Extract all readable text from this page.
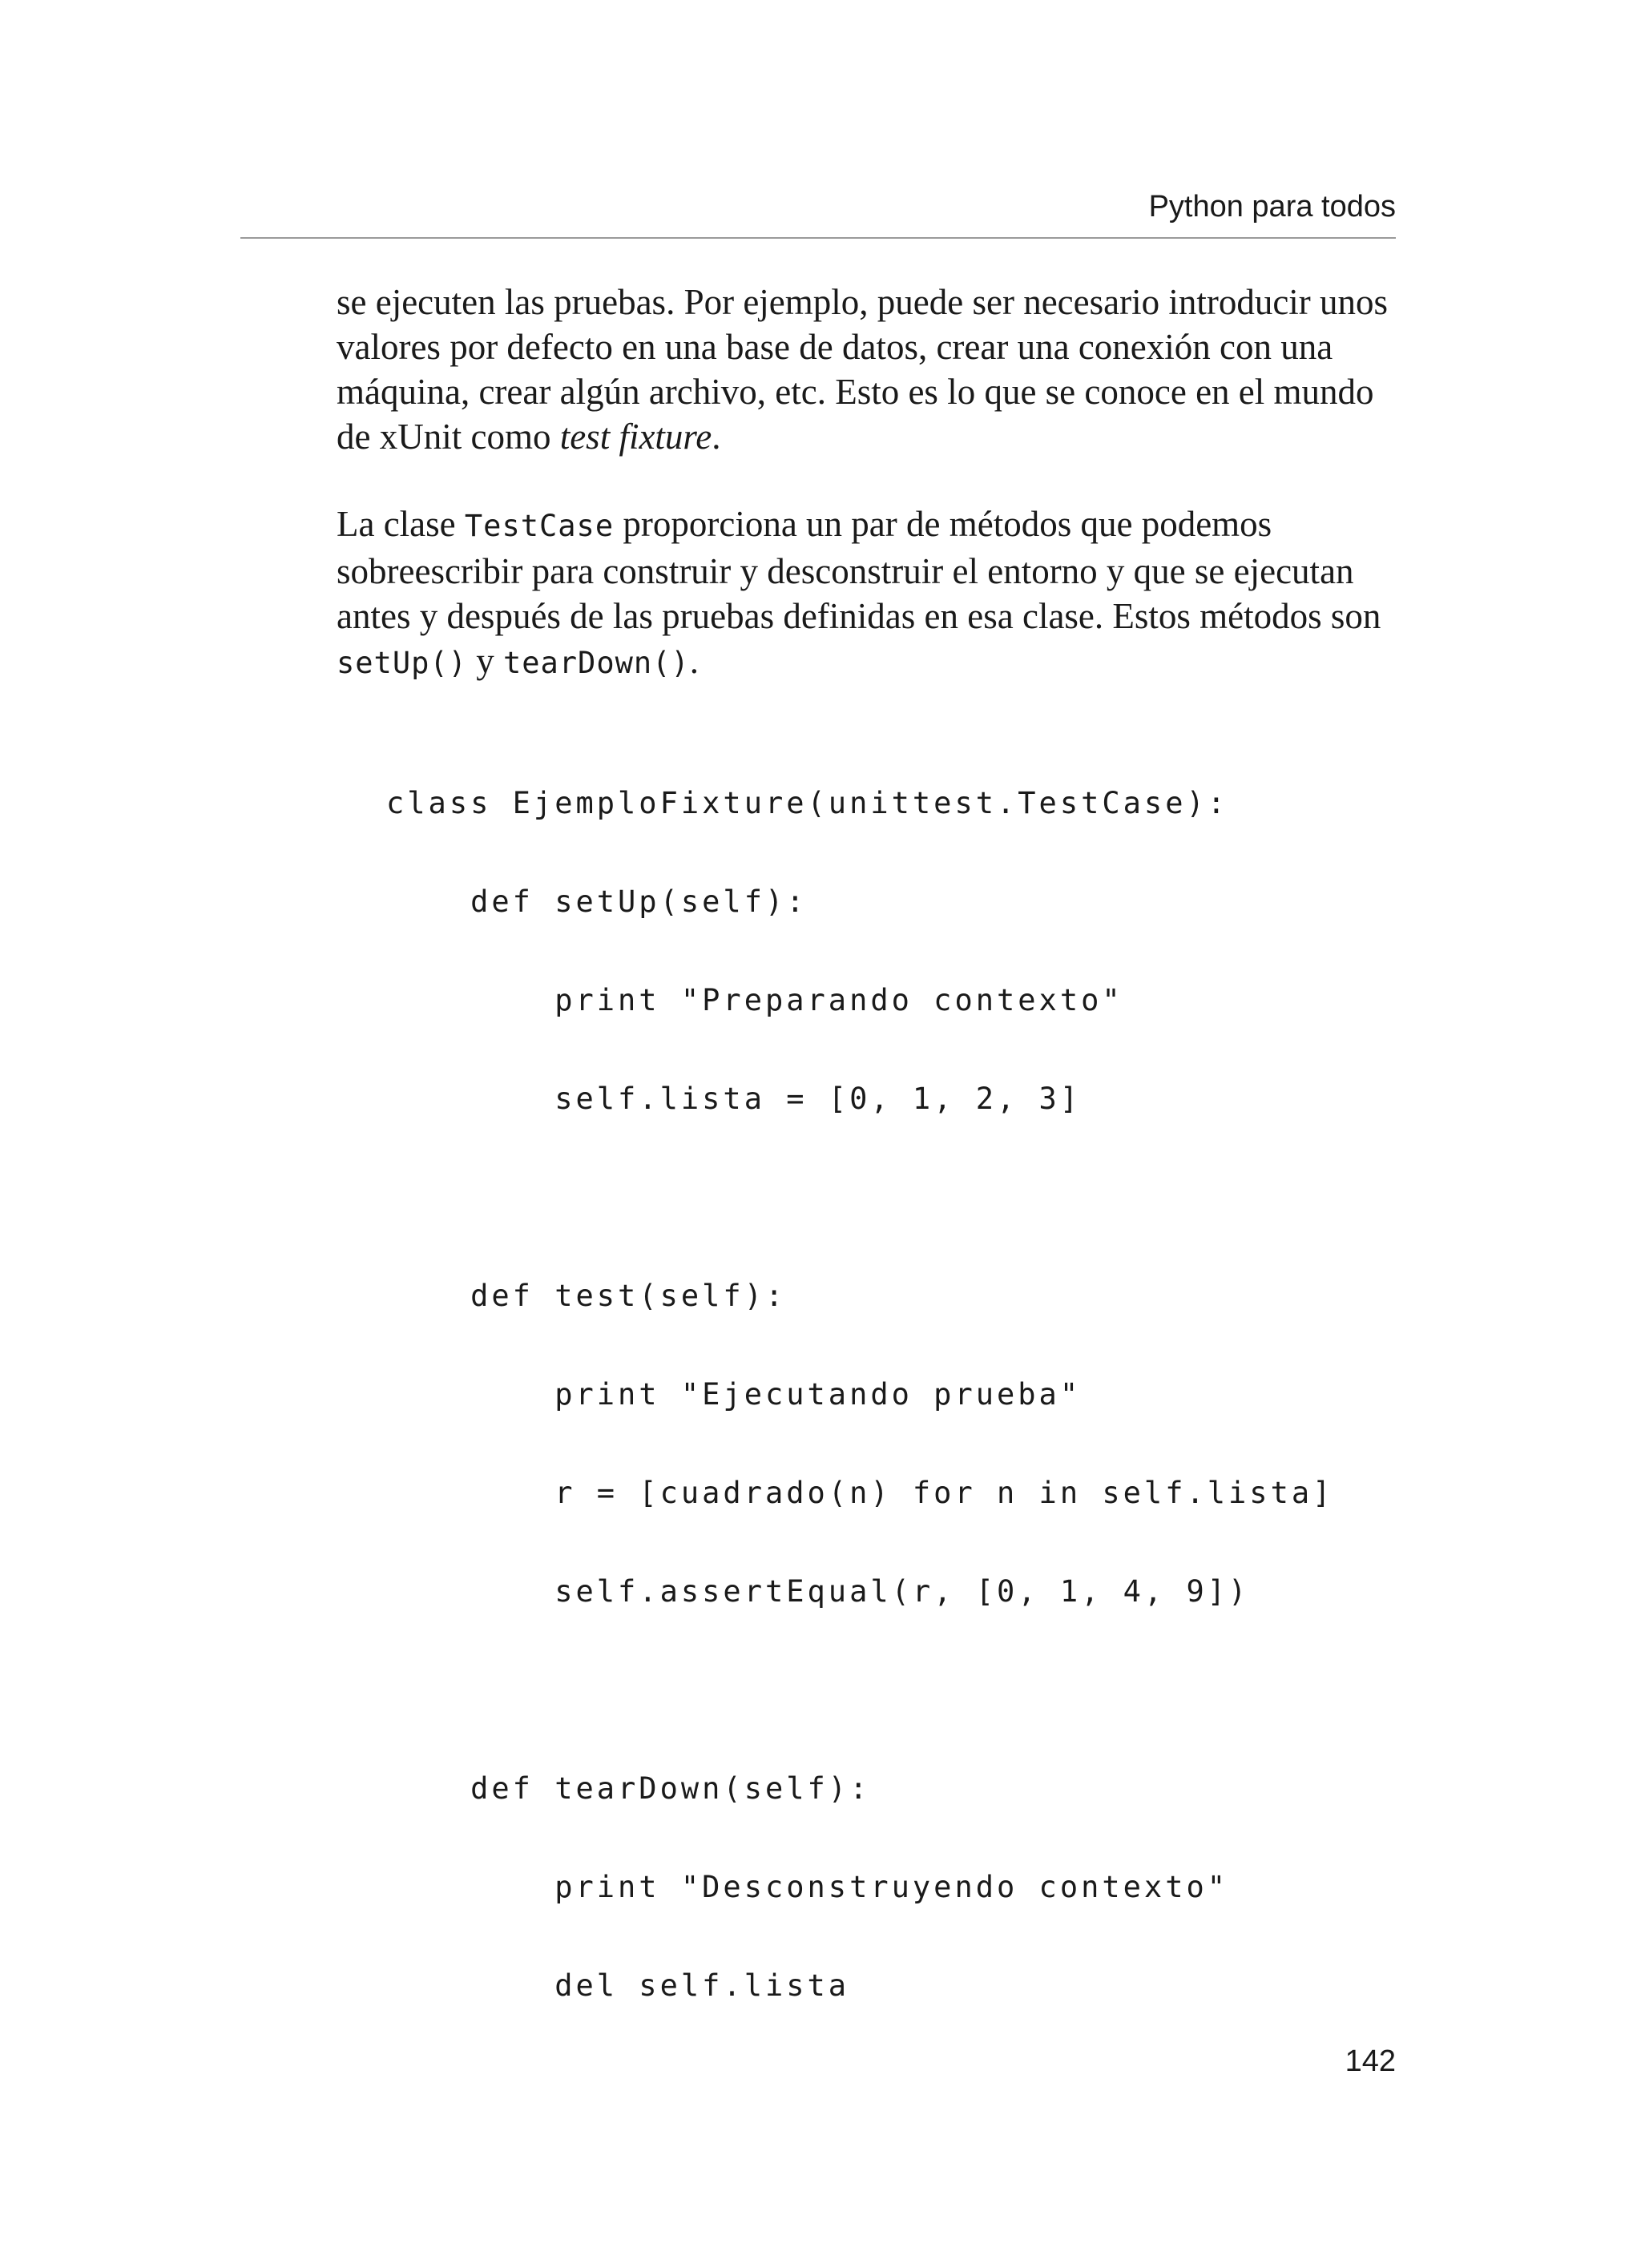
Python para todos

se ejecuten las pruebas. Por ejemplo, puede ser necesario introducir unos valores por defecto en una base de datos, crear una conexión con una máquina, crear algún archivo, etc. Esto es lo que se conoce en el mundo de xUnit como test fixture.

La clase TestCase proporciona un par de métodos que podemos sobreescribir para construir y desconstruir el entorno y que se ejecutan antes y después de las pruebas definidas en esa clase. Estos métodos son setUp() y tearDown().

class EjemploFixture(unittest.TestCase):

def setUp(self):

print "Preparando contexto"

self.lista = [0, 1, 2, 3]

def test(self):

print "Ejecutando prueba"

r = [cuadrado(n) for n in self.lista]

self.assertEqual(r, [0, 1, 4, 9])

def tearDown(self):

print "Desconstruyendo contexto"

del self.lista

142
